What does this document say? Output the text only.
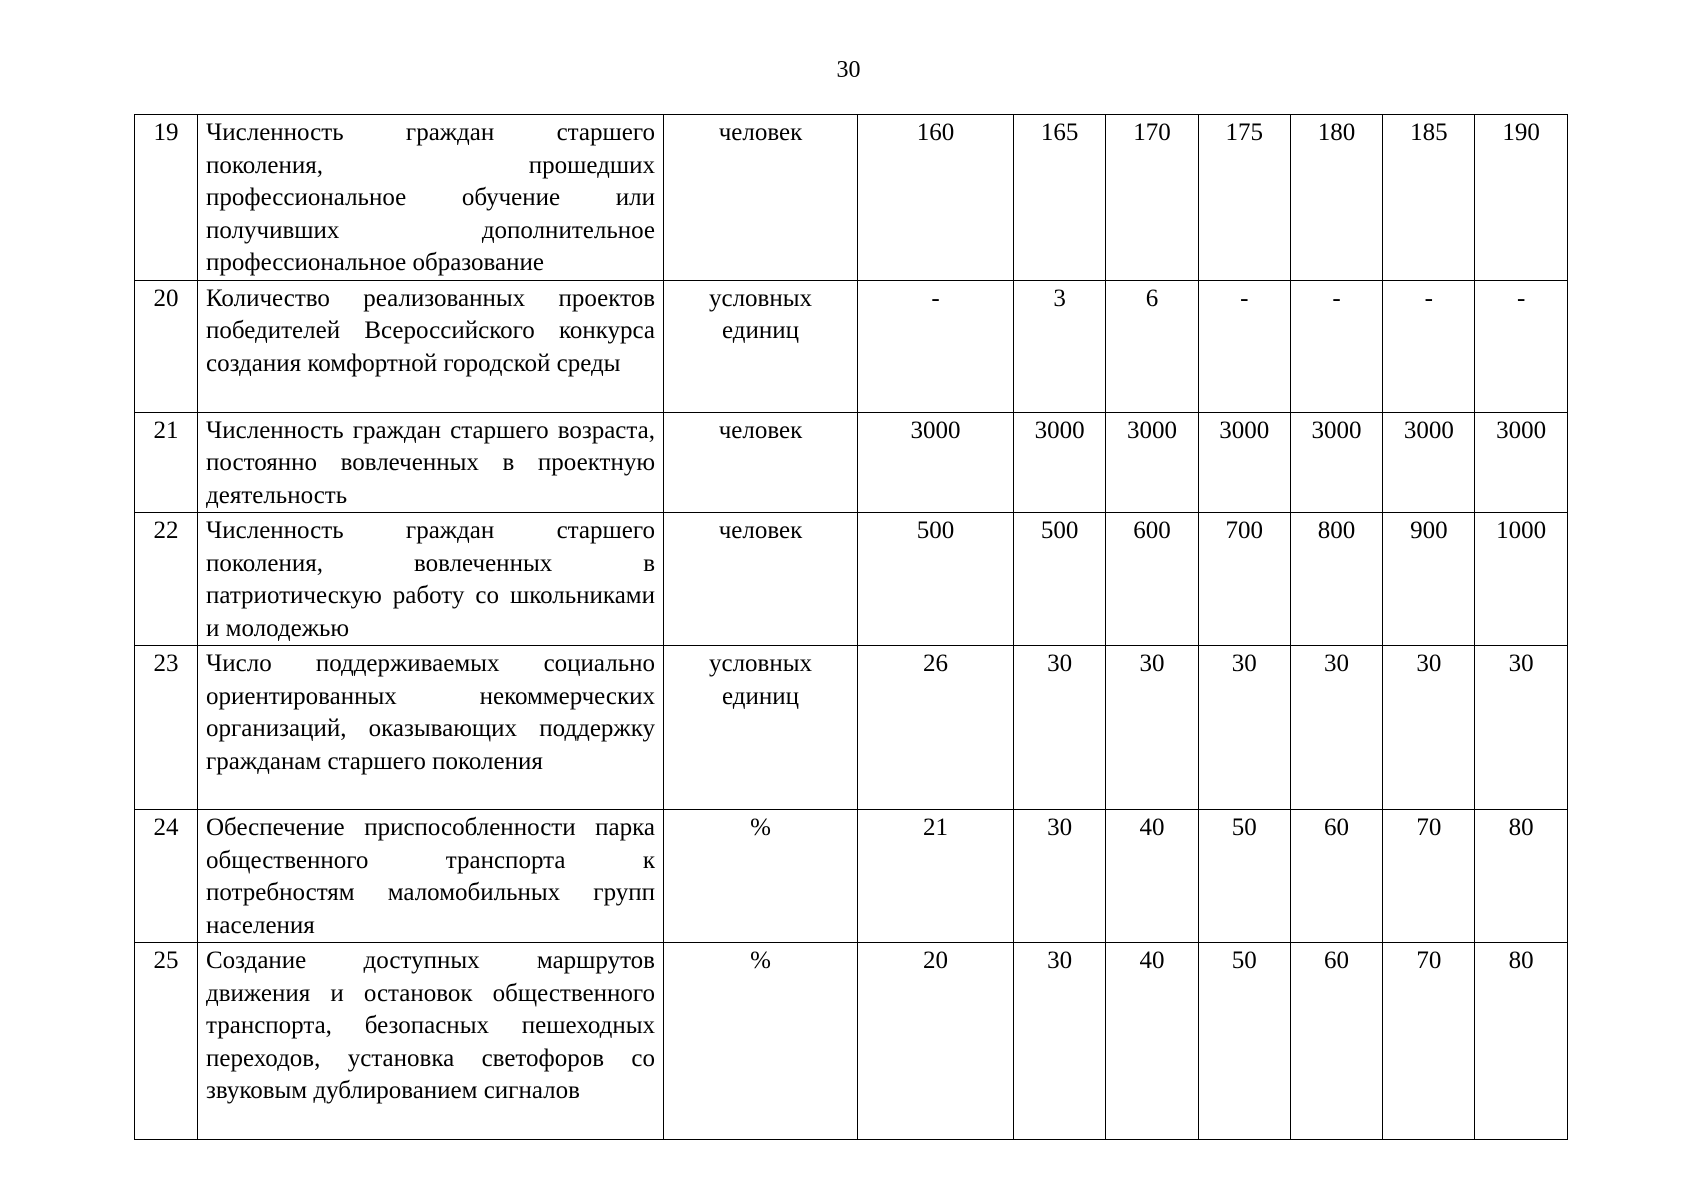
30
19	Численность граждан старшего поколения, прошедших профессиональное обучение или получивших дополнительное профессиональное образование	человек	160	165	170	175	180	185	190
20	Количество реализованных проектов победителей Всероссийского конкурса создания комфортной городской среды	условных единиц	-	3	6	-	-	-	-
21	Численность граждан старшего возраста, постоянно вовлеченных в проектную деятельность	человек	3000	3000	3000	3000	3000	3000	3000
22	Численность граждан старшего поколения, вовлеченных в патриотическую работу со школьниками и молодежью	человек	500	500	600	700	800	900	1000
23	Число поддерживаемых социально ориентированных некоммерческих организаций, оказывающих поддержку гражданам старшего поколения	условных единиц	26	30	30	30	30	30	30
24	Обеспечение приспособленности парка общественного транспорта к потребностям маломобильных групп населения	%	21	30	40	50	60	70	80
25	Создание доступных маршрутов движения и остановок общественного транспорта, безопасных пешеходных переходов, установка светофоров со звуковым дублированием сигналов	%	20	30	40	50	60	70	80
